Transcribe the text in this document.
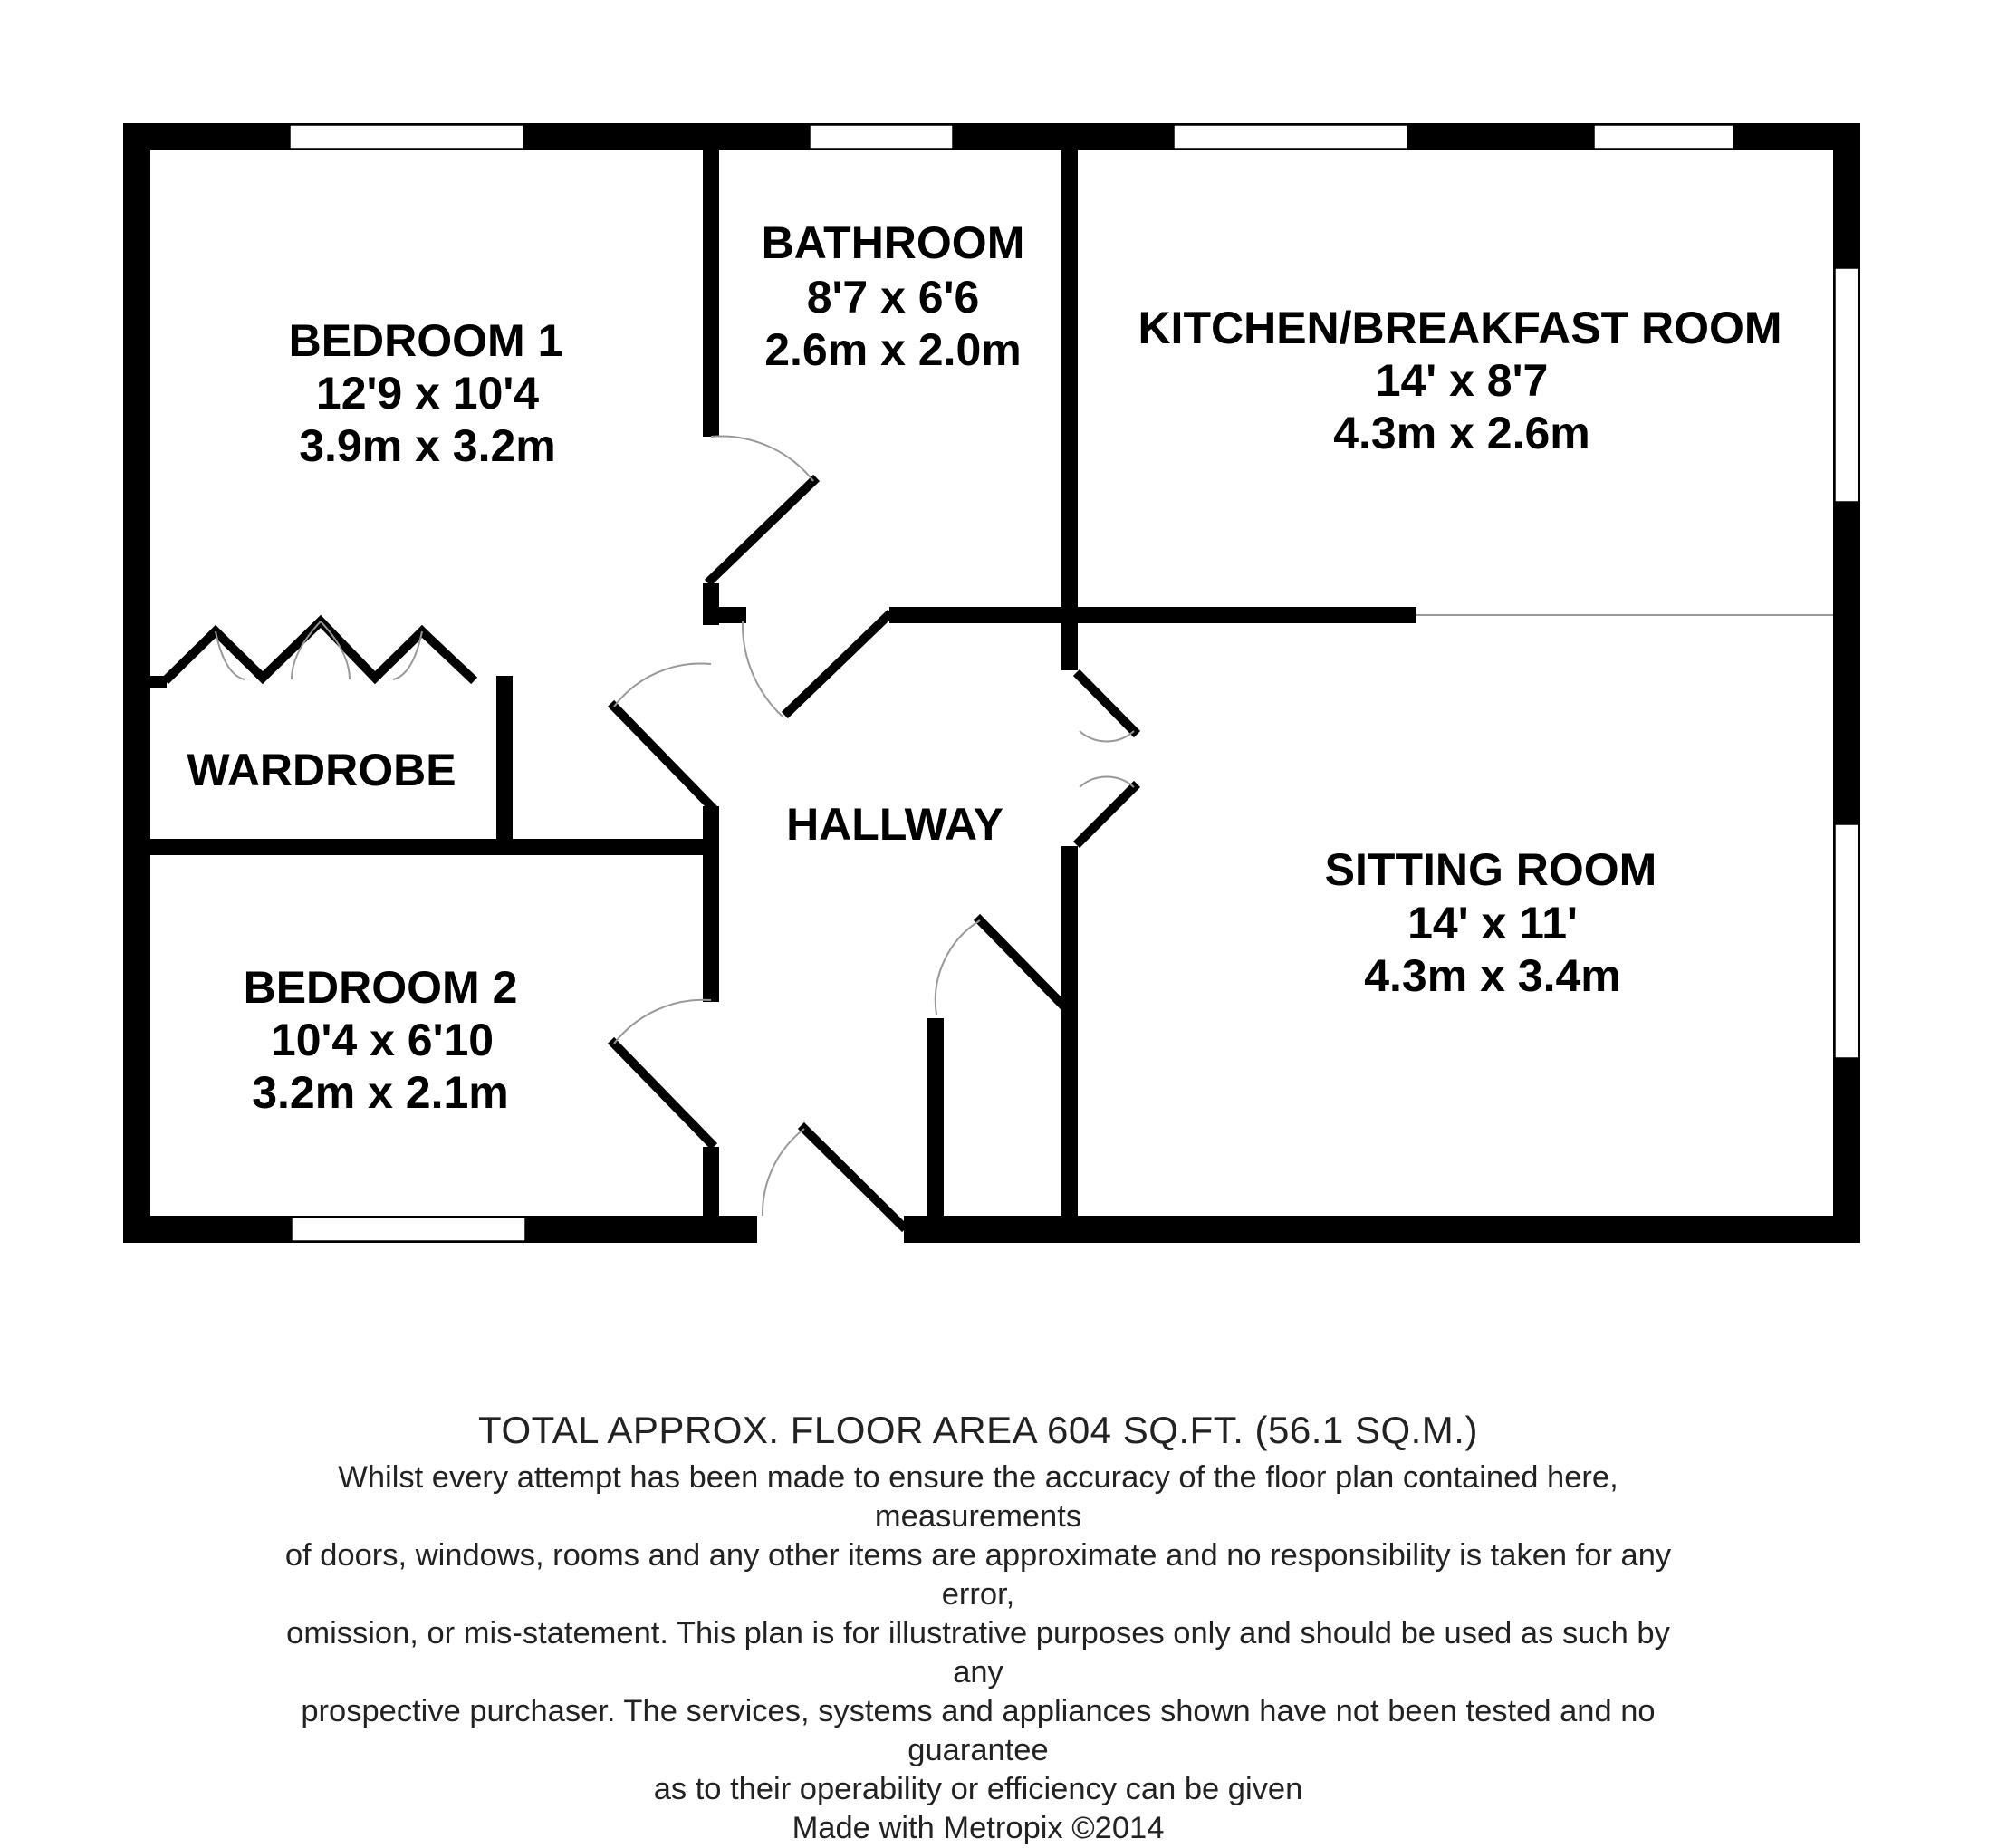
BEDROOM 1
12'9 x 10'4
3.9m x 3.2m
BATHROOM
8'7 x 6'6
2.6m x 2.0m	KITCHEN/BREAKFAST ROOM
14' x 8'7
4.3m x 2.6m
WARDROBE
HALLWAY
SITTING ROOM
14' x 11'
4.3m x 3.4m
BEDROOM 2
10'4 x 6'10
3.2m x 2.1m
TOTAL APPROX. FLOOR AREA 604 SQ.FT. (56.1 SQ.M.)
Whilst every attempt has been made to ensure the accuracy of the floor plan contained here, measurements
of doors, windows, rooms and any other items are approximate and no responsibility is taken for any error,
omission, or mis-statement. This plan is for illustrative purposes only and should be used as such by any
prospective purchaser. The services, systems and appliances shown have not been tested and no guarantee
as to their operability or efficiency can be given
Made with Metropix ©2014
